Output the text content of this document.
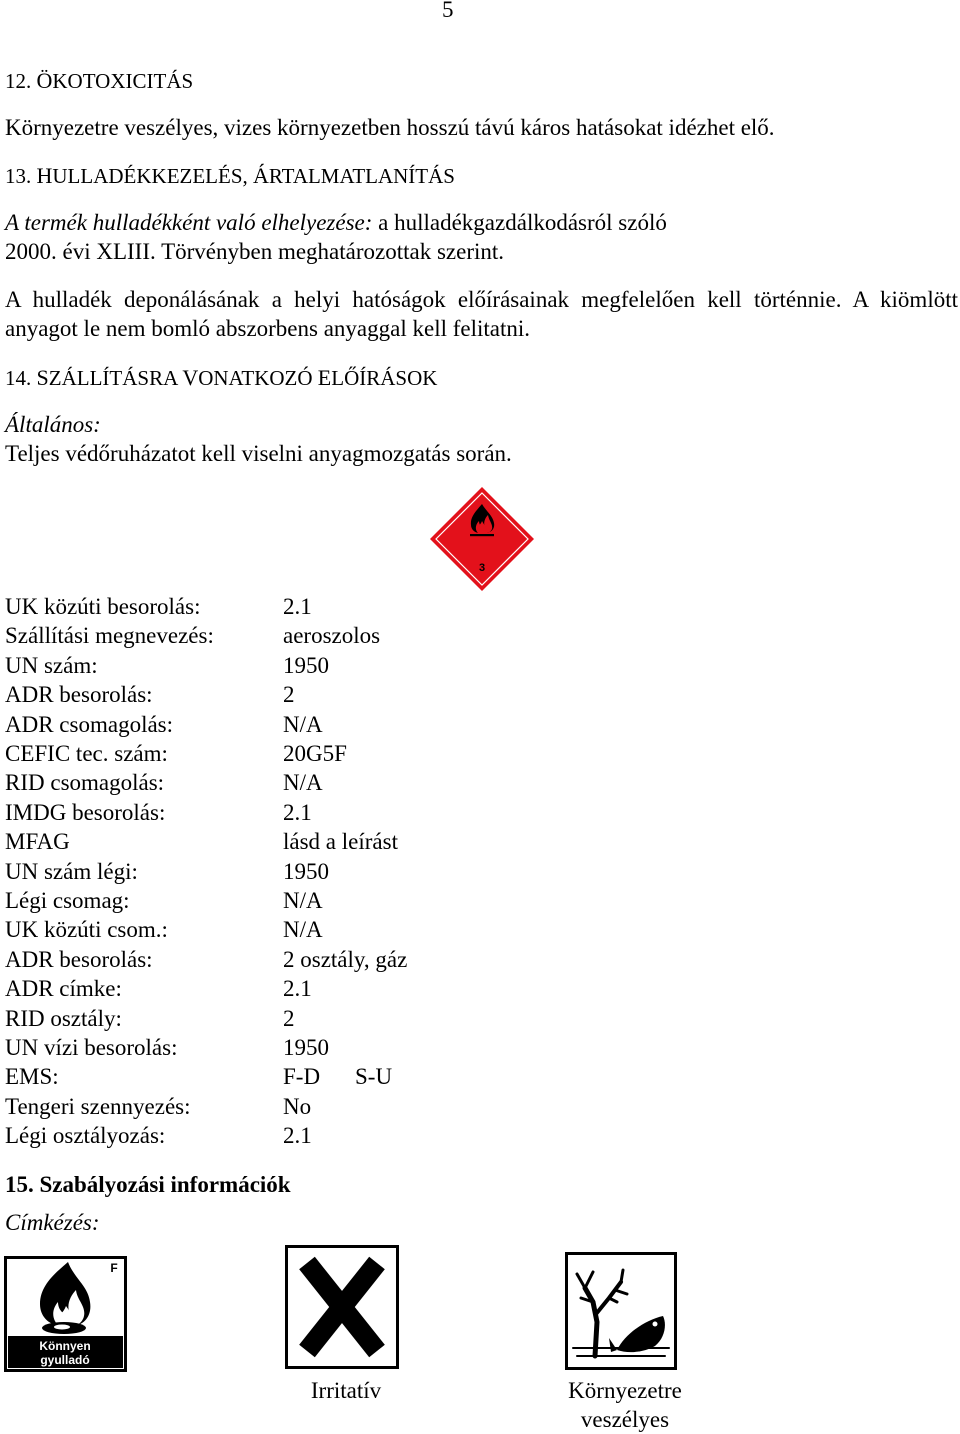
5
12. ÖKOTOXICITÁS
Környezetre veszélyes, vizes környezetben hosszú távú káros hatásokat idézhet elő.
13. HULLADÉKKEZELÉS, ÁRTALMATLANÍTÁS
A termék hulladékként való elhelyezése: a hulladékgazdálkodásról szóló
2000. évi XLIII. Törvényben meghatározottak szerint.
A hulladék deponálásának a helyi hatóságok előírásainak megfelelően kell történnie. A kiömlött anyagot le nem bomló abszorbens anyaggal kell felitatni.
14. SZÁLLÍTÁSRA VONATKOZÓ ELŐÍRÁSOK
Általános:
Teljes védőruházatot kell viselni anyagmozgatás során.
3
UK közúti besorolás:	2.1
Szállítási megnevezés:	aeroszolos
UN szám:	1950
ADR besorolás:	2
ADR csomagolás:	N/A
CEFIC tec. szám:	20G5F
RID csomagolás:	N/A
IMDG besorolás:	2.1
MFAG	lásd a leírást
UN szám légi:	1950
Légi csomag:	N/A
UK közúti csom.:	N/A
ADR besorolás:	2 osztály, gáz
ADR címke:	2.1
RID osztály:	2
UN vízi besorolás:	1950
EMS:	F-D S-U
Tengeri szennyezés:	No
Légi osztályozás:	2.1
15. Szabályozási információk
Címkézés:
F
Könnyen
gyulladó
Irritatív	Környezetre
veszélyes
